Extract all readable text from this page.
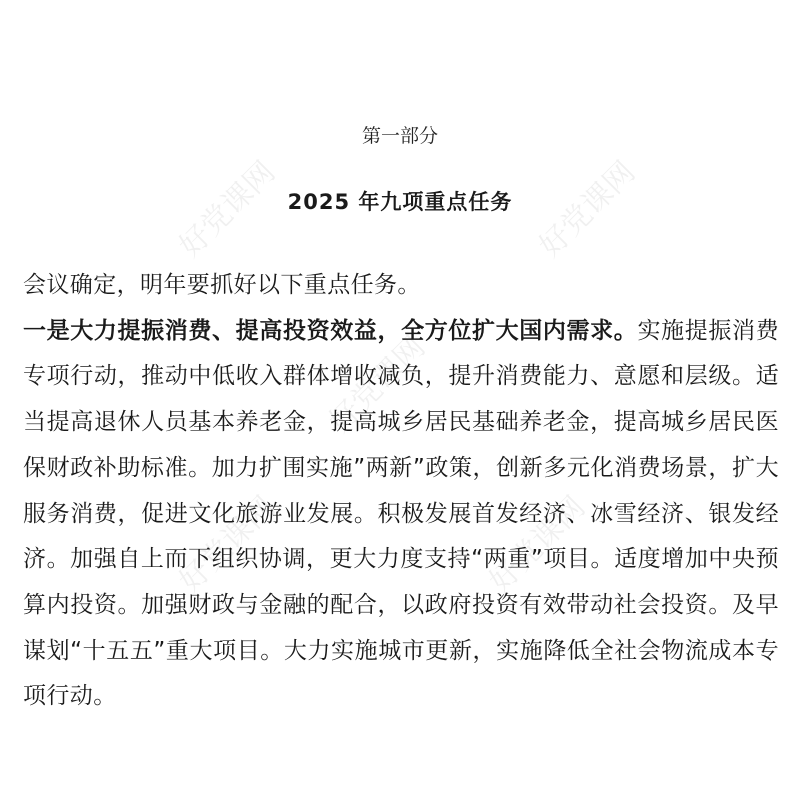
好党课网	好党课网
好党课网
好党课网	好党课网
第一部分
2025 年九项重点任务

会议确定，明年要抓好以下重点任务。

一是大力提振消费、提高投资效益，全方位扩大国内需求。实施提振消费专项行动，推动中低收入群体增收减负，提升消费能力、意愿和层级。适当提高退休人员基本养老金，提高城乡居民基础养老金，提高城乡居民医保财政补助标准。加力扩围实施”两新”政策，创新多元化消费场景，扩大服务消费，促进文化旅游业发展。积极发展首发经济、冰雪经济、银发经济。加强自上而下组织协调，更大力度支持“两重”项目。适度增加中央预算内投资。加强财政与金融的配合，以政府投资有效带动社会投资。及早谋划“十五五”重大项目。大力实施城市更新，实施降低全社会物流成本专项行动。
